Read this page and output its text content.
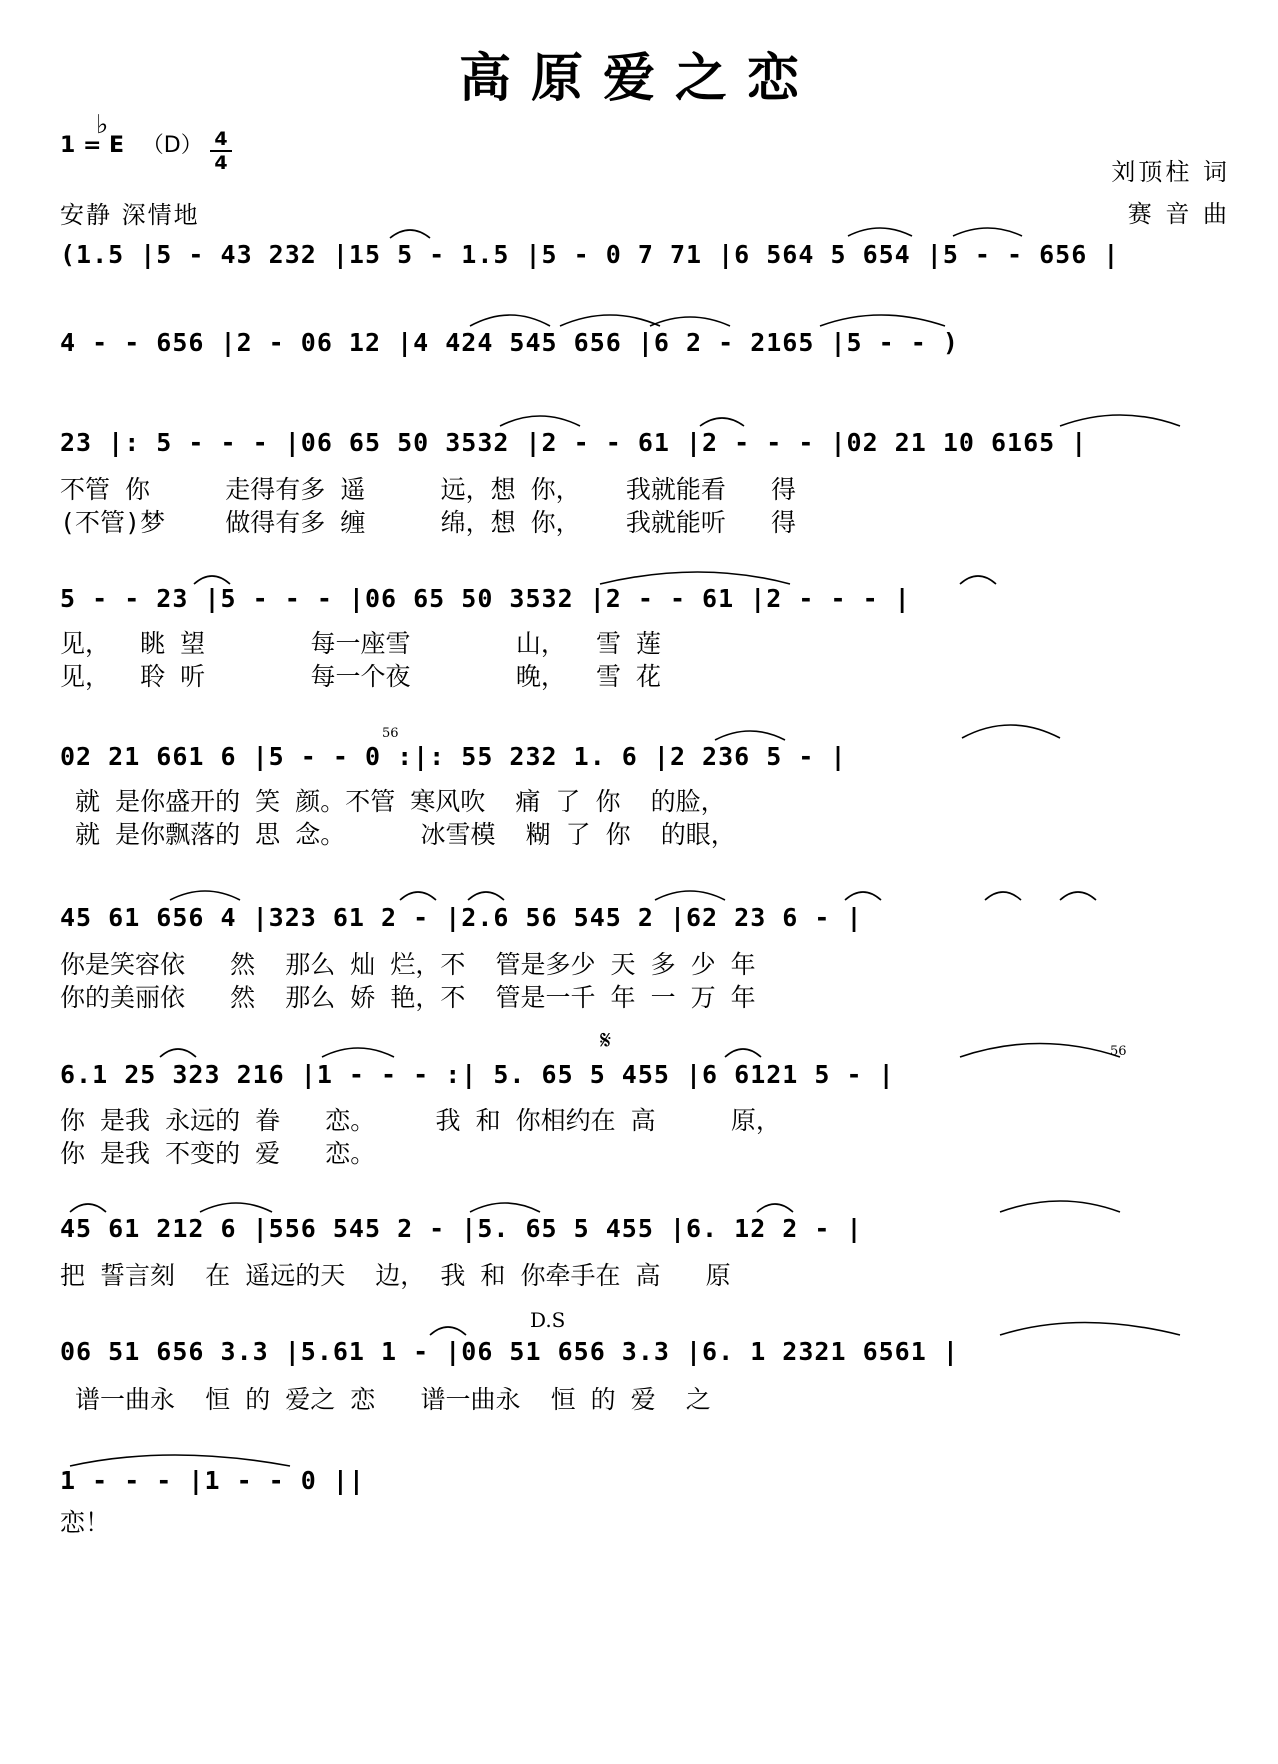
高原爱之恋
1 = E
♭
（D） 4
4
安静 深情地
刘顶柱 词
赛 音 曲
(1.5 |5 - 43 232 |15 5 - 1.5 |5 - 0 7 71 |6 564 5 654 |5 - - 656 |
4 - - 656 |2 - 06 12 |4 424 545 656 |6 2 - 2165 |5 - - )
23 |: 5 - - - |06 65 50 3532 |2 - - 61 |2 - - - |02 21 10 6165 |
不管 你     走得有多 遥     远，想 你，   我就能看   得
(不管)梦    做得有多 缠     绵，想 你，   我就能听   得
5 - - 23 |5 - - - |06 65 50 3532 |2 - - 61 |2 - - - |
见，  眺 望       每一座雪       山，  雪 莲
见，  聆 听       每一个夜       晚，  雪 花
56
02 21 661 6 |5 - - 0 :|: 55 232 1. 6 |2 236 5 - |
就 是你盛开的 笑 颜。不管 寒风吹  痛 了 你  的脸，
就 是你飘落的 思 念。     冰雪模  糊 了 你  的眼，
45 61 656 4 |323 61 2 - |2.6 56 545 2 |62 23 6 - |
你是笑容依   然  那么 灿 烂，不  管是多少 天 多 少 年
你的美丽依   然  那么 娇 艳，不  管是一千 年 一 万 年
𝄋	56
6.1 25 323 216 |1 - - - :| 5. 65 5 455 |6 6121 5 - |
你 是我 永远的 眷   恋。    我 和 你相约在 高     原，
你 是我 不变的 爱   恋。
45 61 212 6 |556 545 2 - |5. 65 5 455 |6. 12 2 - |
把 誓言刻  在 遥远的天  边， 我 和 你牵手在 高   原
D.S
06 51 656 3.3 |5.61 1 - |06 51 656 3.3 |6. 1 2321 6561 |
谱一曲永  恒 的 爱之 恋   谱一曲永  恒 的 爱  之
1 - - - |1 - - 0 ||
恋！
